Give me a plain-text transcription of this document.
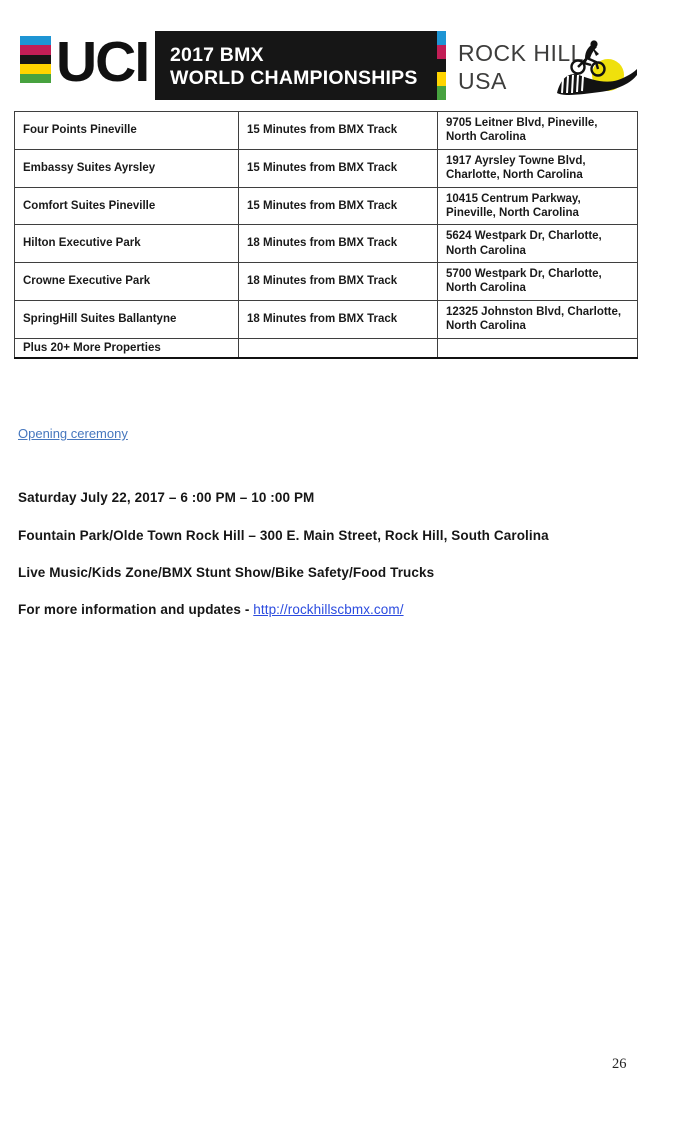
UCI 2017 BMX
WORLD CHAMPIONSHIPS
ROCK HILL
USA
Four Points Pineville	15 Minutes from BMX Track	9705 Leitner Blvd, Pineville, North Carolina
Embassy Suites Ayrsley	15 Minutes from BMX Track	1917 Ayrsley Towne Blvd, Charlotte, North Carolina
Comfort Suites Pineville	15 Minutes from BMX Track	10415 Centrum Parkway, Pineville, North Carolina
Hilton Executive Park	18 Minutes from BMX Track	5624 Westpark Dr, Charlotte, North Carolina
Crowne Executive Park	18 Minutes from BMX Track	5700 Westpark Dr, Charlotte, North Carolina
SpringHill Suites Ballantyne	18 Minutes from BMX Track	12325 Johnston Blvd, Charlotte, North Carolina
Plus 20+ More Properties		
Opening ceremony
Saturday July 22, 2017 – 6 :00 PM – 10 :00 PM
Fountain Park/Olde Town Rock Hill – 300 E. Main Street, Rock Hill, South Carolina
Live Music/Kids Zone/BMX Stunt Show/Bike Safety/Food Trucks
For more information and updates - http://rockhillscbmx.com/
26
